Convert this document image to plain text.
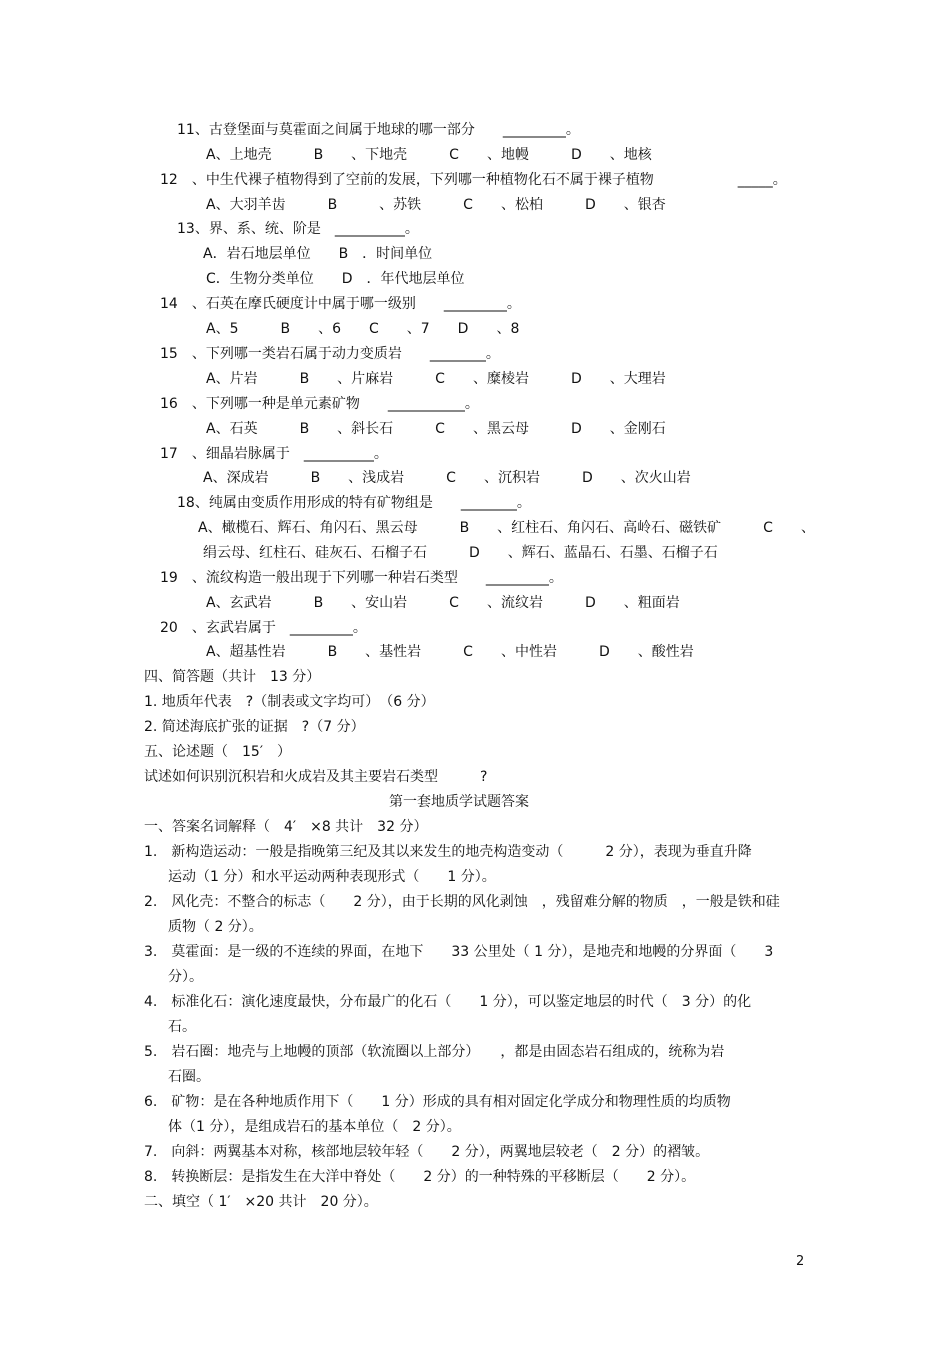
11、古登堡面与莫霍面之间属于地球的哪一部分　　_________。
A、上地壳　　　B　　、下地壳　　　C　　、地幔　　　D　　、地核
12　、中生代裸子植物得到了空前的发展，下列哪一种植物化石不属于裸子植物　　　　　　_____。
A、大羽羊齿　　　B　　　、苏铁　　　C　　、松柏　　　D　　、银杏
13、界、系、统、阶是　__________。
A．岩石地层单位　　B　．时间单位
C．生物分类单位　　D　．年代地层单位
14　、石英在摩氏硬度计中属于哪一级别　　_________。
A、5　　　B　　、6　　C　　、7　　D　　、8
15　、下列哪一类岩石属于动力变质岩　　________。
A、片岩　　　B　　、片麻岩　　　C　　、糜棱岩　　　D　　、大理岩
16　、下列哪一种是单元素矿物　　___________。
A、石英　　　B　　、斜长石　　　C　　、黑云母　　　D　　、金刚石
17　、细晶岩脉属于　__________。
A、深成岩　　　B　　、浅成岩　　　C　　、沉积岩　　　D　　、次火山岩
18、纯属由变质作用形成的特有矿物组是　　________。
A、橄榄石、辉石、角闪石、黑云母　　　B　　、红柱石、角闪石、高岭石、磁铁矿　　　C　　、
绢云母、红柱石、硅灰石、石榴子石　　　D　　、辉石、蓝晶石、石墨、石榴子石
19　、流纹构造一般出现于下列哪一种岩石类型　　_________。
A、玄武岩　　　B　　、安山岩　　　C　　、流纹岩　　　D　　、粗面岩
20　、玄武岩属于　_________。
A、超基性岩　　　B　　、基性岩　　　C　　、中性岩　　　D　　、酸性岩
四、简答题（共计　13 分）
1. 地质年代表　?（制表或文字均可）　（6 分）
2. 简述海底扩张的证据　?（7 分）
五、论述题（　15′　）
试述如何识别沉积岩和火成岩及其主要岩石类型　　　?
第一套地质学试题答案
一、答案名词解释（　4′　×8 共计　32 分）
1.　新构造运动：一般是指晚第三纪及其以来发生的地壳构造变动（　　　2 分），表现为垂直升降
运动（1 分）和水平运动两种表现形式（　　1 分）。
2.　风化壳：不整合的标志（　　2 分），由于长期的风化剥蚀　，残留难分解的物质　，一般是铁和硅
质物（ 2 分）。
3.　莫霍面：是一级的不连续的界面，在地下　　33 公里处（ 1 分），是地壳和地幔的分界面（　　3
分）。
4.　标准化石：演化速度最快，分布最广的化石（　　1 分），可以鉴定地层的时代（　3 分）的化
石。
5.　岩石圈：地壳与上地幔的顶部（软流圈以上部分）　　，都是由固态岩石组成的，统称为岩
石圈。
6.　矿物：是在各种地质作用下（　　1 分）形成的具有相对固定化学成分和物理性质的均质物
体（1 分），是组成岩石的基本单位（　2 分）。
7.　向斜：两翼基本对称，核部地层较年轻（　　2 分），两翼地层较老（　2 分）的褶皱。
8.　转换断层：是指发生在大洋中脊处（　　2 分）的一种特殊的平移断层（　　2 分）。
二、填空（ 1′　×20 共计　20 分）。
2
